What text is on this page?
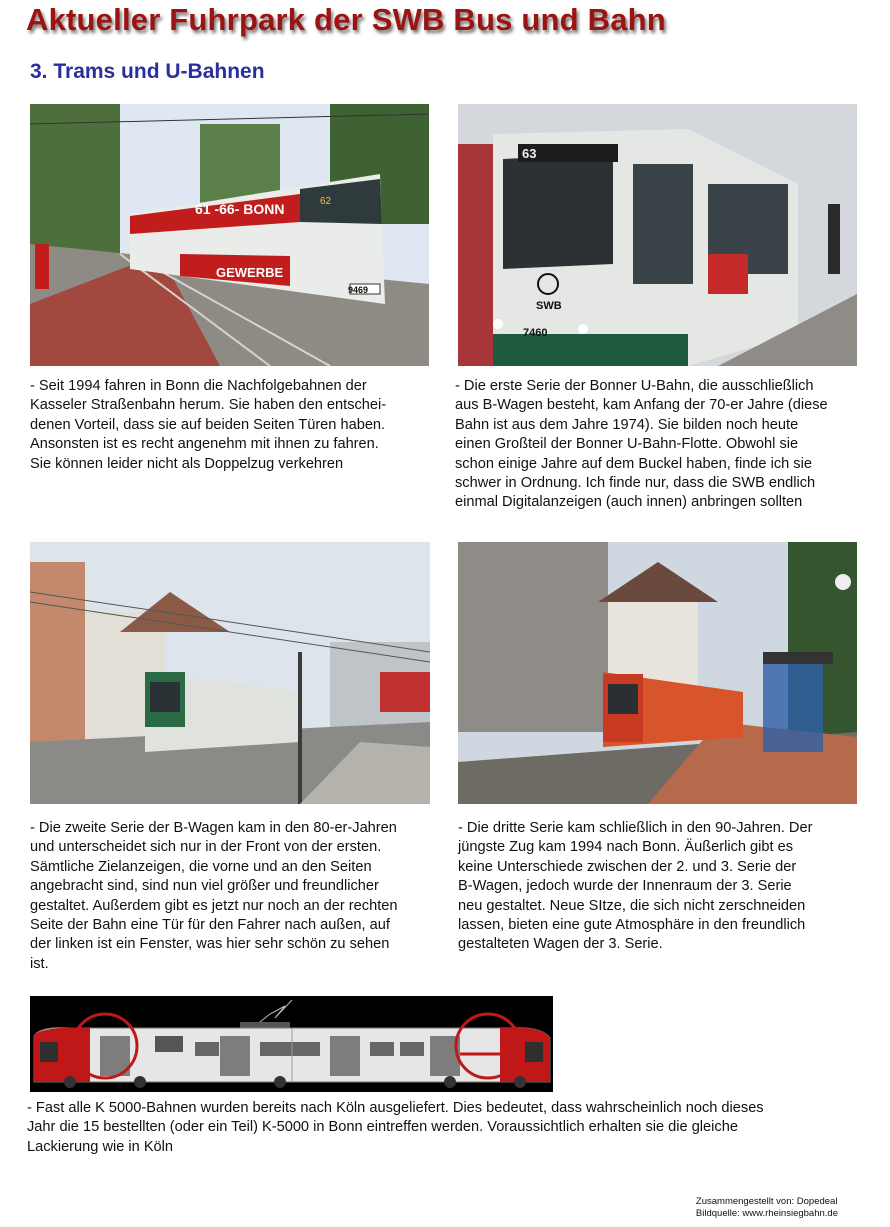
Aktueller Fuhrpark der SWB Bus und Bahn
3. Trams und U-Bahnen
61 -66- BONN	62
GEWERBE
9469
63
SWB
7460
- Seit 1994 fahren in Bonn die Nachfolgebahnen der
Kasseler Straßenbahn herum. Sie haben den entschei-
denen Vorteil, dass sie auf beiden Seiten Türen haben.
Ansonsten ist es recht angenehm mit ihnen zu fahren.
Sie können leider nicht als Doppelzug verkehren
- Die erste Serie der Bonner U-Bahn, die ausschließlich
aus B-Wagen besteht, kam Anfang der 70-er Jahre (diese
Bahn ist aus dem Jahre 1974). Sie bilden noch heute
einen Großteil der Bonner U-Bahn-Flotte. Obwohl sie
schon einige Jahre auf dem Buckel haben, finde ich sie
schwer in Ordnung. Ich finde nur, dass die SWB endlich
einmal Digitalanzeigen (auch innen) anbringen sollten
- Die zweite Serie der B-Wagen kam in den 80-er-Jahren
und unterscheidet sich nur in der Front von der ersten.
Sämtliche Zielanzeigen, die vorne und an den Seiten
angebracht sind, sind nun viel größer und freundlicher
gestaltet. Außerdem gibt es jetzt nur noch an der rechten
Seite der Bahn eine Tür für den Fahrer nach außen, auf
der linken ist ein Fenster, was hier sehr schön zu sehen
ist.
- Die dritte Serie kam schließlich in den 90-Jahren. Der
jüngste Zug kam 1994 nach Bonn. Äußerlich gibt es
keine Unterschiede zwischen der 2. und 3. Serie der
B-Wagen, jedoch wurde der Innenraum der 3. Serie
neu gestaltet. Neue SItze, die sich nicht zerschneiden
lassen, bieten eine gute Atmosphäre in den freundlich
gestalteten Wagen der 3. Serie.
- Fast alle K 5000-Bahnen wurden bereits nach Köln ausgeliefert. Dies bedeutet, dass wahrscheinlich noch dieses
Jahr die 15 bestellten (oder ein Teil) K-5000 in Bonn eintreffen werden. Voraussichtlich erhalten sie die gleiche
Lackierung wie in Köln
Zusammengestellt von: Dopedeal
Bildquelle: www.rheinsiegbahn.de
